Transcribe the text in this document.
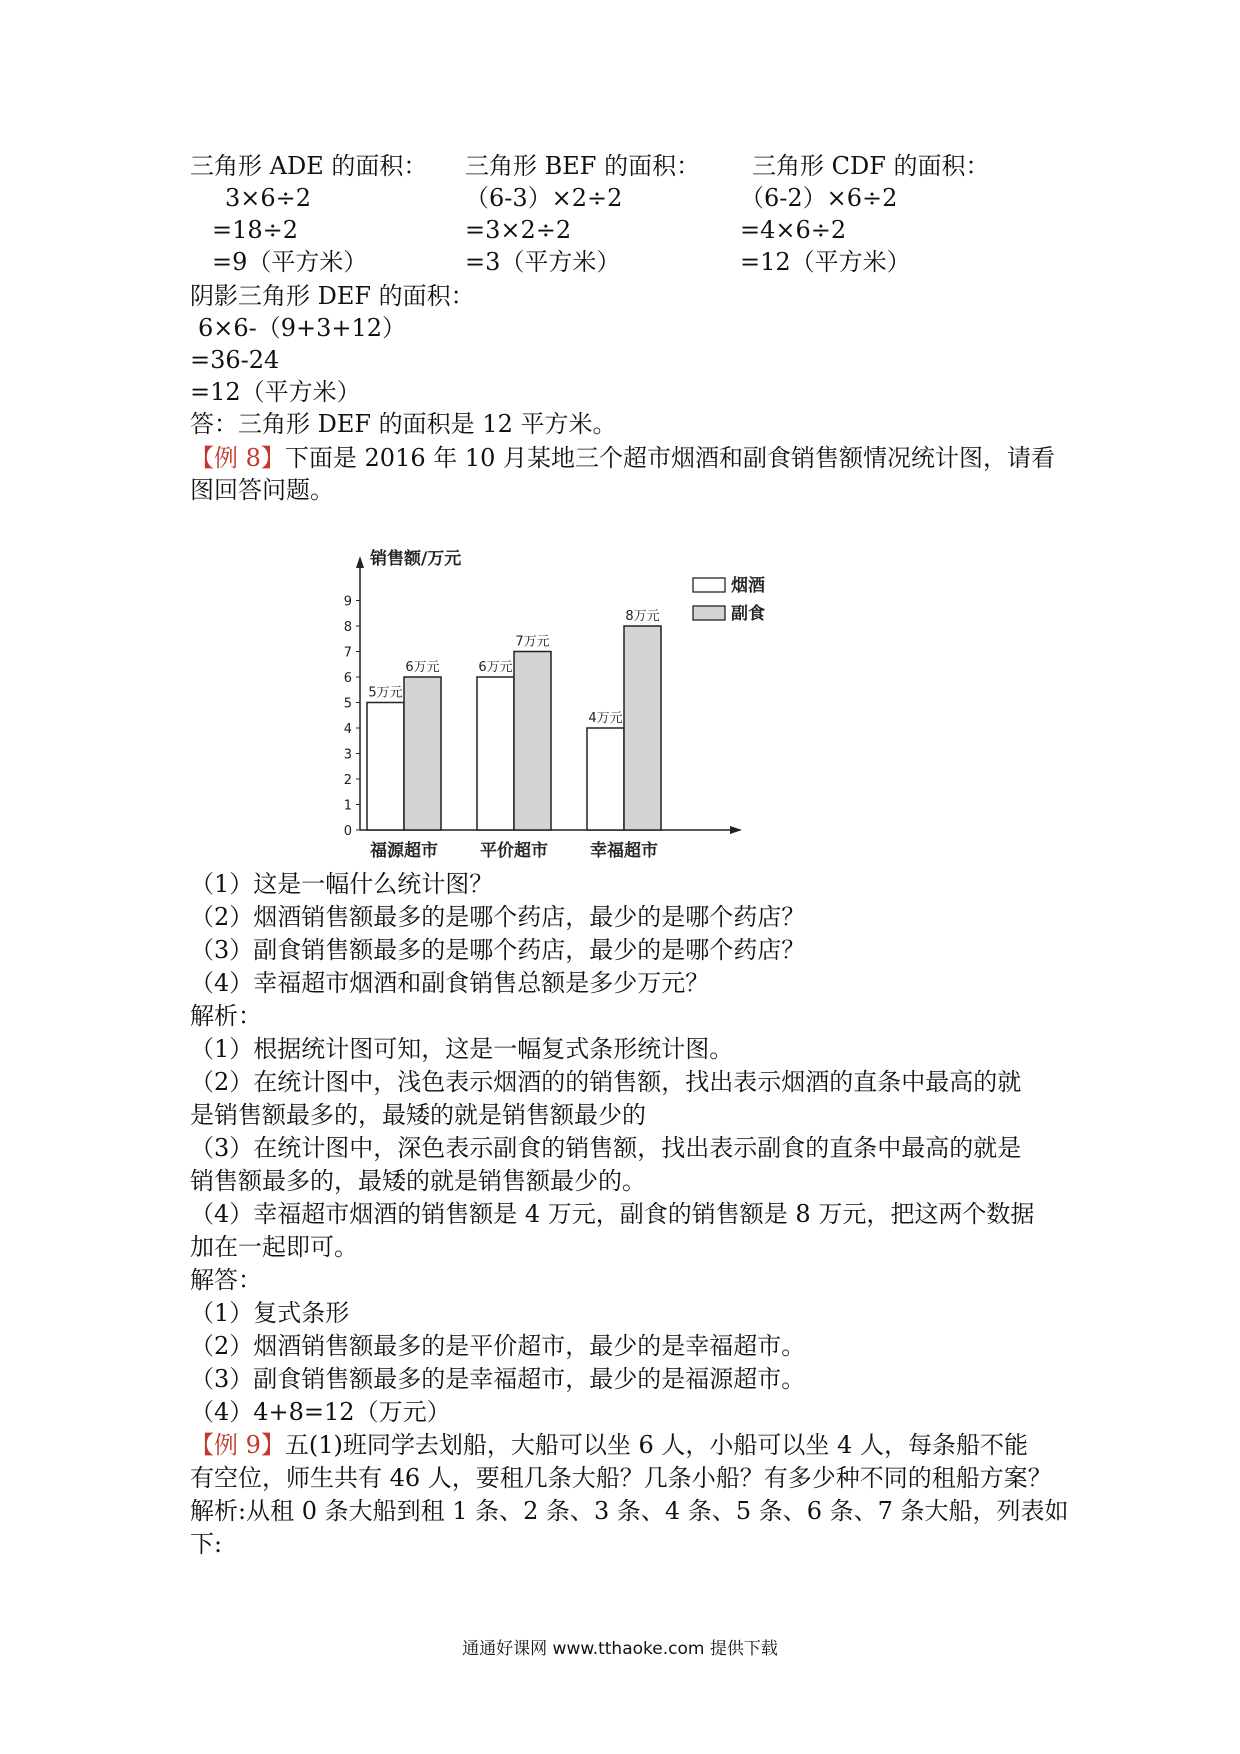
三角形 ADE 的面积：
3×6÷2
=18÷2
=9（平方米）
三角形 BEF 的面积：
（6-3）×2÷2
=3×2÷2
=3（平方米）
三角形 CDF 的面积：
（6-2）×6÷2
=4×6÷2
=12（平方米）
阴影三角形 DEF 的面积：
6×6-（9+3+12）
=36-24
=12（平方米）
答：三角形 DEF 的面积是 12 平方米。
【例 8】下面是 2016 年 10 月某地三个超市烟酒和副食销售额情况统计图，请看
图回答问题。
销售额/万元
0
1
2
3
4
5
6
7
8
9
5万元
6万元
福源超市
6万元
7万元
平价超市
4万元
8万元
幸福超市
烟酒
副食
（1）这是一幅什么统计图？
（2）烟酒销售额最多的是哪个药店，最少的是哪个药店？
（3）副食销售额最多的是哪个药店，最少的是哪个药店？
（4）幸福超市烟酒和副食销售总额是多少万元？
解析：
（1）根据统计图可知，这是一幅复式条形统计图。
（2）在统计图中，浅色表示烟酒的的销售额，找出表示烟酒的直条中最高的就
是销售额最多的，最矮的就是销售额最少的
（3）在统计图中，深色表示副食的销售额，找出表示副食的直条中最高的就是
销售额最多的，最矮的就是销售额最少的。
（4）幸福超市烟酒的销售额是 4 万元，副食的销售额是 8 万元，把这两个数据
加在一起即可。
解答：
（1）复式条形
（2）烟酒销售额最多的是平价超市，最少的是幸福超市。
（3）副食销售额最多的是幸福超市，最少的是福源超市。
（4）4+8=12（万元）
【例 9】五(1)班同学去划船，大船可以坐 6 人，小船可以坐 4 人，每条船不能
有空位，师生共有 46 人，要租几条大船？几条小船？有多少种不同的租船方案？
解析:从租 0 条大船到租 1 条、2 条、3 条、4 条、5 条、6 条、7 条大船，列表如
下:
通通好课网 www.tthaoke.com 提供下载
